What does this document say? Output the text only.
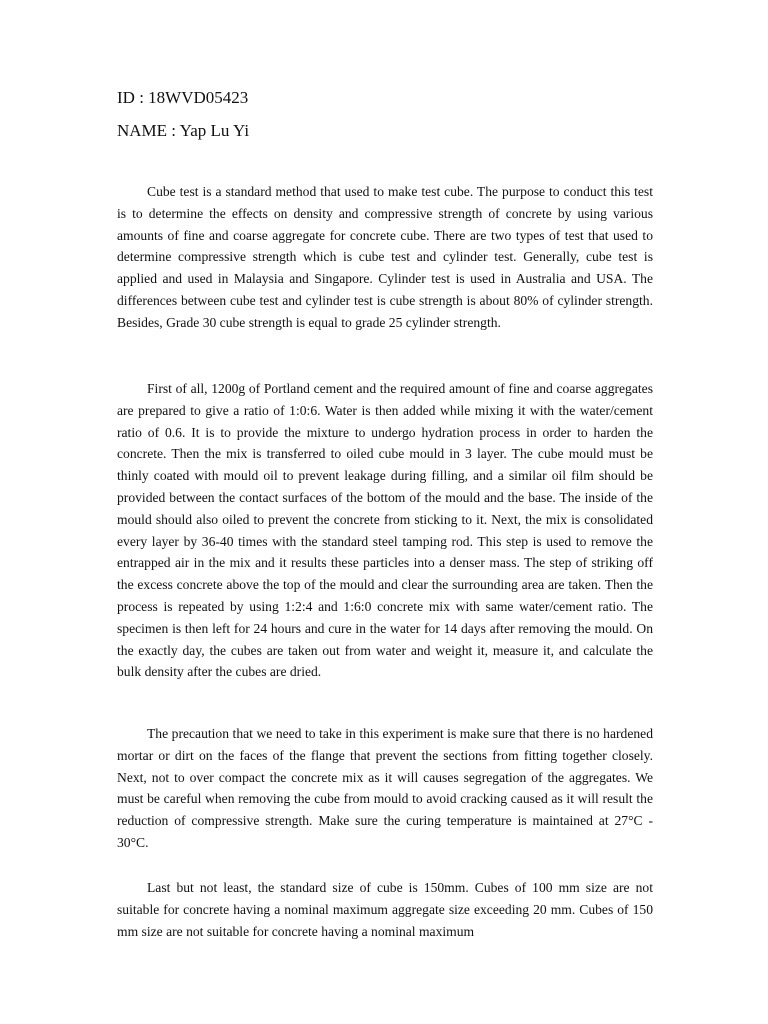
ID : 18WVD05423
NAME : Yap Lu Yi

Cube test is a standard method that used to make test cube. The purpose to conduct this test is to determine the effects on density and compressive strength of concrete by using various amounts of fine and coarse aggregate for concrete cube. There are two types of test that used to determine compressive strength which is cube test and cylinder test. Generally, cube test is applied and used in Malaysia and Singapore. Cylinder test is used in Australia and USA. The differences between cube test and cylinder test is cube strength is about 80% of cylinder strength. Besides, Grade 30 cube strength is equal to grade 25 cylinder strength.

First of all, 1200g of Portland cement and the required amount of fine and coarse aggregates are prepared to give a ratio of 1:0:6. Water is then added while mixing it with the water/cement ratio of 0.6. It is to provide the mixture to undergo hydration process in order to harden the concrete. Then the mix is transferred to oiled cube mould in 3 layer. The cube mould must be thinly coated with mould oil to prevent leakage during filling, and a similar oil film should be provided between the contact surfaces of the bottom of the mould and the base. The inside of the mould should also oiled to prevent the concrete from sticking to it. Next, the mix is consolidated every layer by 36-40 times with the standard steel tamping rod. This step is used to remove the entrapped air in the mix and it results these particles into a denser mass. The step of striking off the excess concrete above the top of the mould and clear the surrounding area are taken. Then the process is repeated by using 1:2:4 and 1:6:0 concrete mix with same water/cement ratio. The specimen is then left for 24 hours and cure in the water for 14 days after removing the mould. On the exactly day, the cubes are taken out from water and weight it, measure it, and calculate the bulk density after the cubes are dried.

The precaution that we need to take in this experiment is make sure that there is no hardened mortar or dirt on the faces of the flange that prevent the sections from fitting together closely. Next, not to over compact the concrete mix as it will causes segregation of the aggregates. We must be careful when removing the cube from mould to avoid cracking caused as it will result the reduction of compressive strength. Make sure the curing temperature is maintained at 27°C - 30°C.

Last but not least, the standard size of cube is 150mm. Cubes of 100 mm size are not suitable for concrete having a nominal maximum aggregate size exceeding 20 mm. Cubes of 150 mm size are not suitable for concrete having a nominal maximum
